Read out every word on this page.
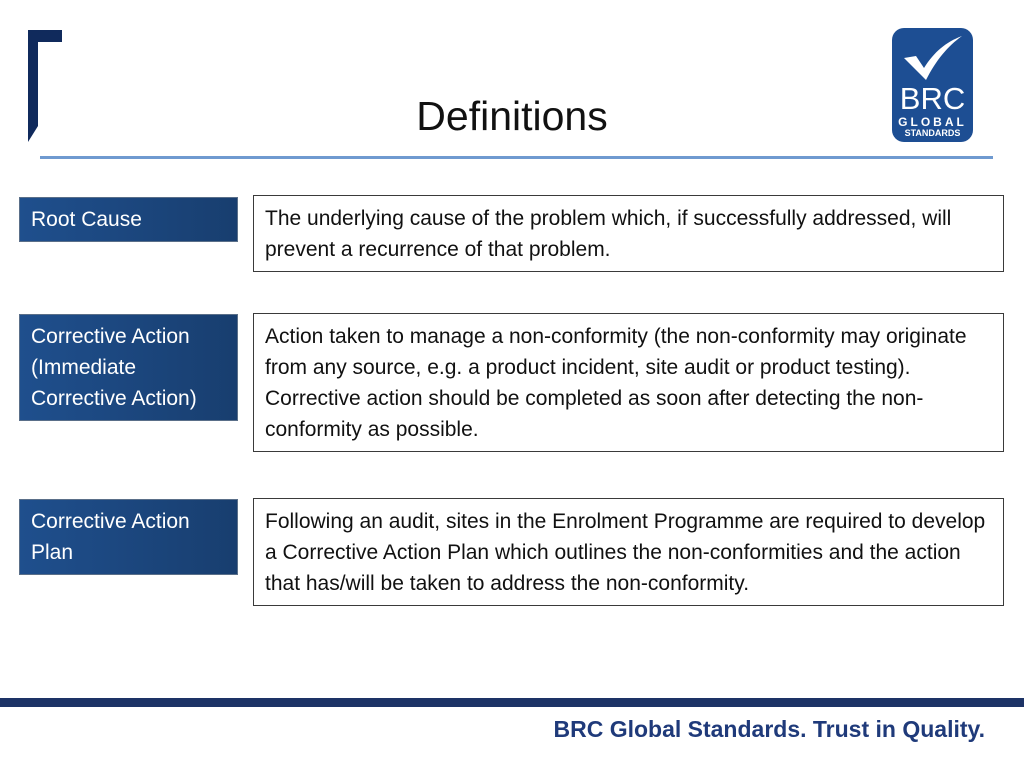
Definitions	BRC
GLOBAL
STANDARDS
Root Cause	The underlying cause of the problem which, if successfully addressed, will prevent a recurrence of that problem.
Corrective Action (Immediate Corrective Action)
Action taken to manage a non-conformity (the non-conformity may originate from any source, e.g. a product incident, site audit or product testing). Corrective action should be completed as soon after detecting the non-conformity as possible.
Corrective Action Plan
Following an audit, sites in the Enrolment Programme are required to develop a Corrective Action Plan which outlines the non-conformities and the action that has/will be taken to address the non-conformity.
BRC Global Standards. Trust in Quality.
